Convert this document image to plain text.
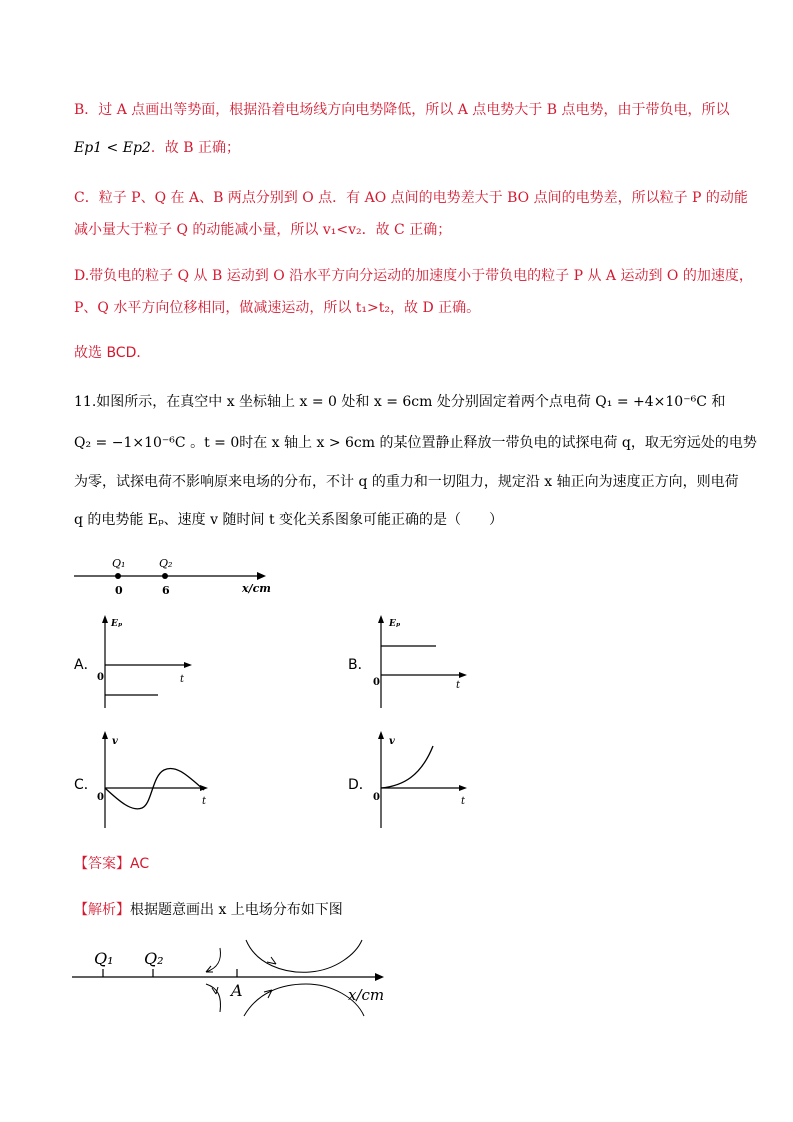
B．过 A 点画出等势面，根据沿着电场线方向电势降低，所以 A 点电势大于 B 点电势，由于带负电，所以
Ep1 < Ep2．故 B 正确；
C．粒子 P、Q 在 A、B 两点分别到 O 点．有 AO 点间的电势差大于 BO 点间的电势差，所以粒子 P 的动能
减小量大于粒子 Q 的动能减小量，所以 v₁<v₂．故 C 正确；
D.带负电的粒子 Q 从 B 运动到 O 沿水平方向分运动的加速度小于带负电的粒子 P 从 A 运动到 O 的加速度，
P、Q 水平方向位移相同，做减速运动，所以 t₁>t₂，故 D 正确。
故选 BCD．
11.如图所示，在真空中 x 坐标轴上 x = 0 处和 x = 6cm 处分别固定着两个点电荷 Q₁ = +4×10⁻⁶C 和
Q₂ = −1×10⁻⁶C 。t = 0时在 x 轴上 x > 6cm 的某位置静止释放一带负电的试探电荷 q，取无穷远处的电势
为零，试探电荷不影响原来电场的分布，不计 q 的重力和一切阻力，规定沿 x 轴正向为速度正方向，则电荷
q 的电势能 Eₚ、速度 v 随时间 t 变化关系图象可能正确的是（　　）
Q₁	Q₂
0	6	x/cm
A．
Eₚ
t
0
B．
Eₚ
t
0
C．
v
t
0
D．
v
t
0
【答案】AC
【解析】根据题意画出 x 上电场分布如下图
Q₁ Q₂
A	x/cm
